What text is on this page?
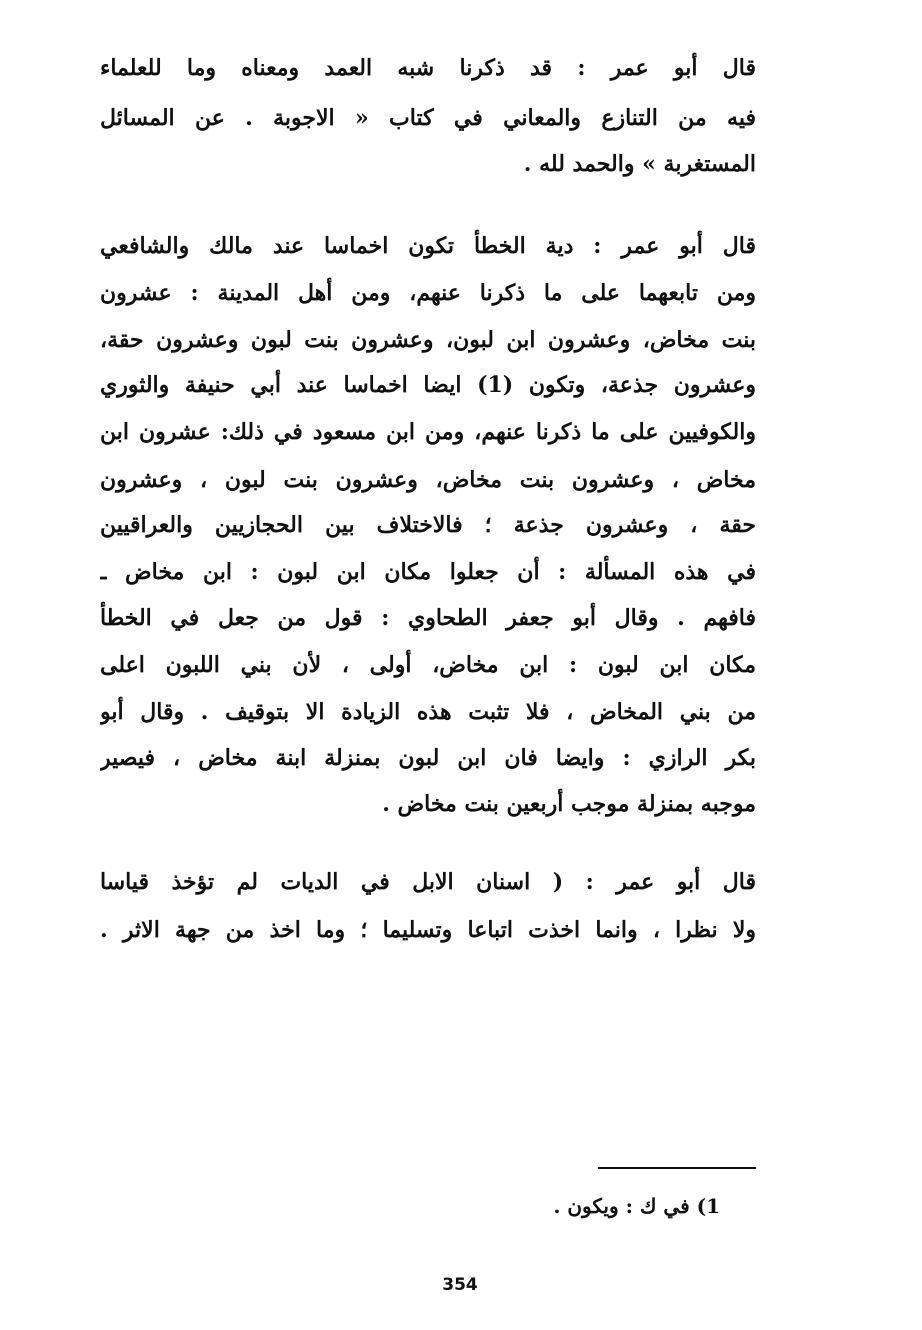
قال أبو عمر : قد ذكرنا شبه العمد ومعناه وما للعلماء
فيه من التنازع والمعاني في كتاب « الاجوبة . عن المسائل
المستغربة » والحمد لله .
قال أبو عمر : دية الخطأ تكون اخماسا عند مالك والشافعي
ومن تابعهما على ما ذكرنا عنهم، ومن أهل المدينة : عشرون
بنت مخاض، وعشرون ابن لبون، وعشرون بنت لبون وعشرون حقة،
وعشرون جذعة، وتكون (1) ايضا اخماسا عند أبي حنيفة والثوري
والكوفيين على ما ذكرنا عنهم، ومن ابن مسعود في ذلك: عشرون ابن
مخاض ، وعشرون بنت مخاض، وعشرون بنت لبون ، وعشرون
حقة ، وعشرون جذعة ؛ فالاختلاف بين الحجازيين والعراقيين
في هذه المسألة : أن جعلوا مكان ابن لبون : ابن مخاض ـ
فافهم . وقال أبو جعفر الطحاوي : قول من جعل في الخطأ
مكان ابن لبون : ابن مخاض، أولى ، لأن بني اللبون اعلى
من بني المخاض ، فلا تثبت هذه الزيادة الا بتوقيف . وقال أبو
بكر الرازي : وايضا فان ابن لبون بمنزلة ابنة مخاض ، فيصير
موجبه بمنزلة موجب أربعين بنت مخاض .
قال أبو عمر : ( اسنان الابل في الديات لم تؤخذ قياسا
ولا نظرا ، وانما اخذت اتباعا وتسليما ؛ وما اخذ من جهة الاثر .
1) في ك : ويكون .
354
